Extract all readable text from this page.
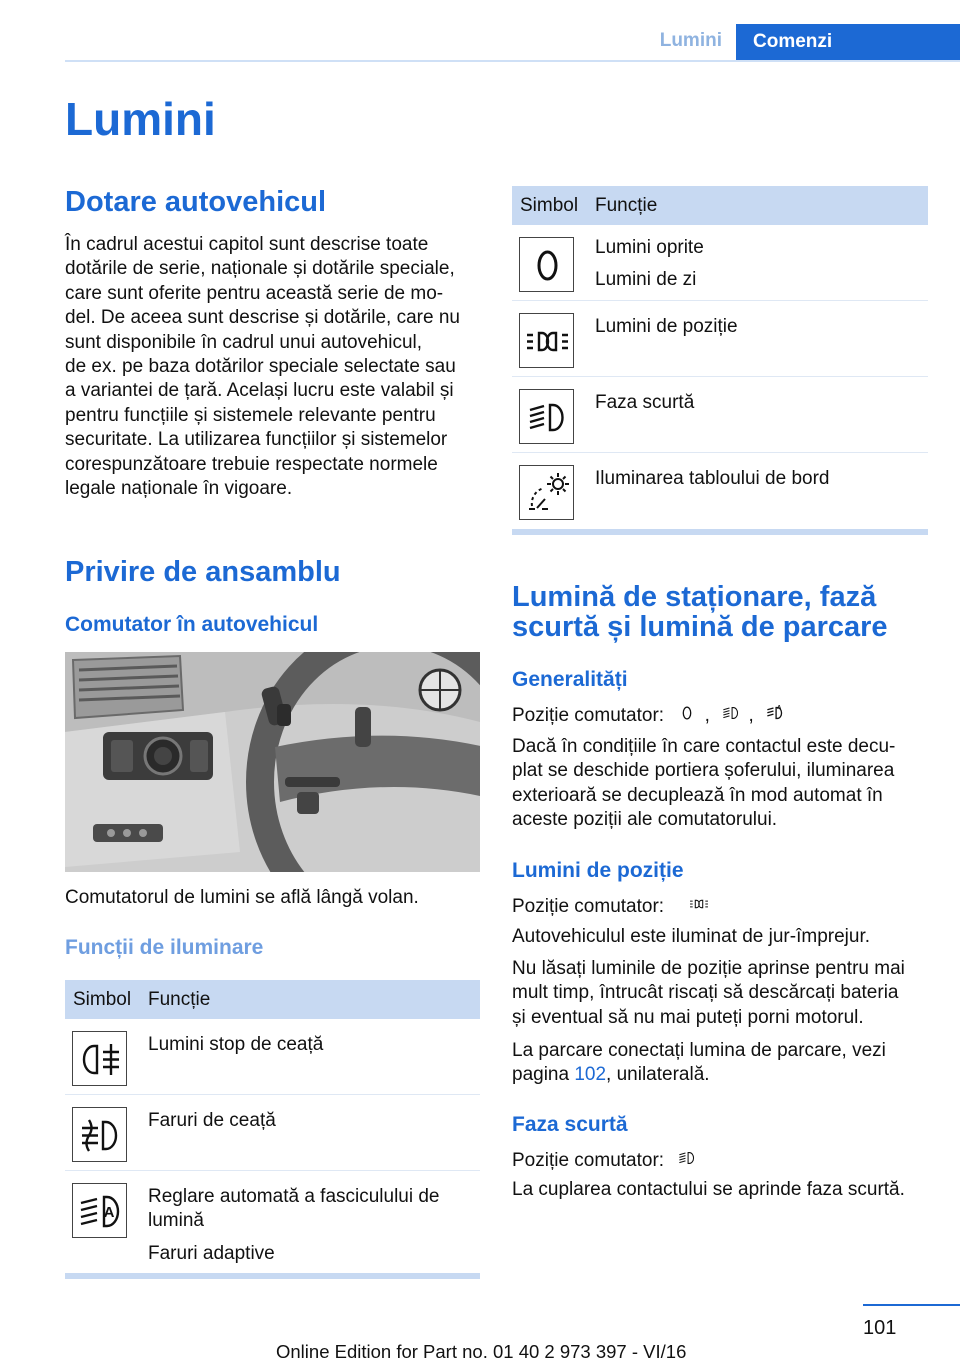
Lumini	Comenzi
Lumini
Dotare autovehicul
În cadrul acestui capitol sunt descrise toate
dotările de serie, naționale și dotările speciale,
care sunt oferite pentru această serie de mo-
del. De aceea sunt descrise și dotările, care nu
sunt disponibile în cadrul unui autovehicul,
de ex. pe baza dotărilor speciale selectate sau
a variantei de țară. Același lucru este valabil și
pentru funcțiile și sistemele relevante pentru
securitate. La utilizarea funcțiilor și sistemelor
corespunzătoare trebuie respectate normele
legale naționale în vigoare.
Privire de ansamblu
Comutator în autovehicul
Comutatorul de lumini se află lângă volan.
Funcții de iluminare
Simbol Funcție

Lumini stop de ceață

Faruri de ceață

Reglare automată a fasciculului de
lumină

Faruri adaptive

Simbol Funcție

Lumini oprite

Lumini de zi

Lumini de poziție

Faza scurtă

Iluminarea tabloului de bord

Lumină de staționare, fază
scurtă și lumină de parcare
Generalități
Poziție comutator: , ,
Dacă în condițiile în care contactul este decu-
plat se deschide portiera șoferului, iluminarea
exterioară se decuplează în mod automat în
aceste poziții ale comutatorului.
Lumini de poziție
Poziție comutator:
Autovehiculul este iluminat de jur-împrejur.
Nu lăsați luminile de poziție aprinse pentru mai
mult timp, întrucât riscați să descărcați bateria
și eventual să nu mai puteți porni motorul.
La parcare conectați lumina de parcare, vezi
pagina 102, unilaterală.
Faza scurtă
Poziție comutator:
La cuplarea contactului se aprinde faza scurtă.
101
Online Edition for Part no. 01 40 2 973 397 - VI/16
